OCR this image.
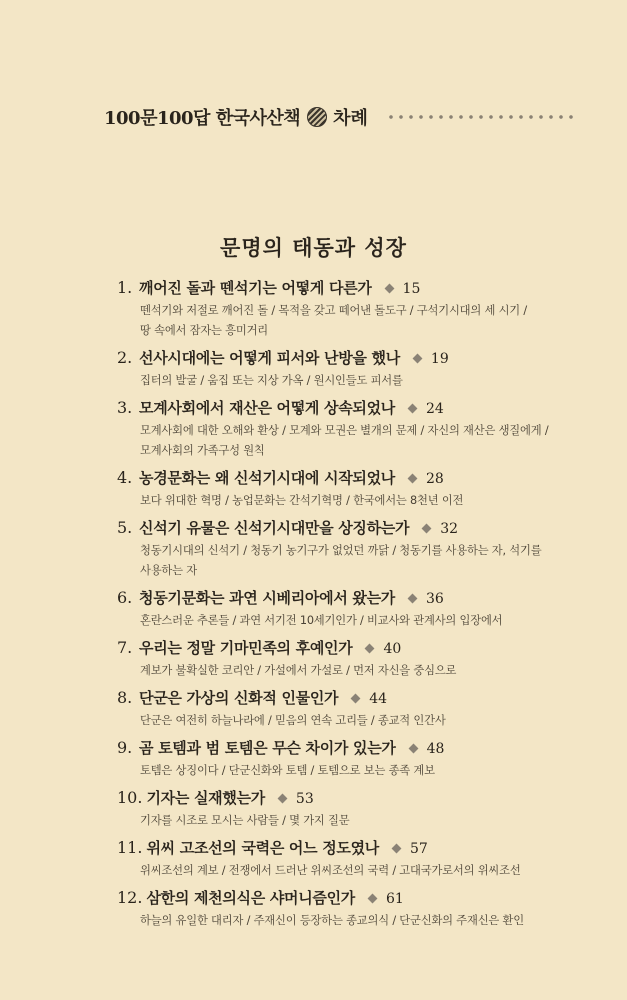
100문100답 한국사산책 차례
문명의 태동과 성장
1. 깨어진 돌과 뗀석기는 어떻게 다른가 15
뗀석기와 저절로 깨어진 돌 / 목적을 갖고 떼어낸 돌도구 / 구석기시대의 세 시기 /
땅 속에서 잠자는 흥미거리
2. 선사시대에는 어떻게 피서와 난방을 했나 19
집터의 발굴 / 움집 또는 지상 가옥 / 원시인들도 피서를
3. 모계사회에서 재산은 어떻게 상속되었나 24
모계사회에 대한 오해와 환상 / 모계와 모권은 별개의 문제 / 자신의 재산은 생질에게 /
모계사회의 가족구성 원칙
4. 농경문화는 왜 신석기시대에 시작되었나 28
보다 위대한 혁명 / 농업문화는 간석기혁명 / 한국에서는 8천년 이전
5. 신석기 유물은 신석기시대만을 상징하는가 32
청동기시대의 신석기 / 청동기 농기구가 없었던 까닭 / 청동기를 사용하는 자, 석기를
사용하는 자
6. 청동기문화는 과연 시베리아에서 왔는가 36
혼란스러운 추론들 / 과연 서기전 10세기인가 / 비교사와 관계사의 입장에서
7. 우리는 정말 기마민족의 후예인가 40
계보가 불확실한 코리안 / 가설에서 가설로 / 먼저 자신을 중심으로
8. 단군은 가상의 신화적 인물인가 44
단군은 여전히 하늘나라에 / 믿음의 연속 고리들 / 종교적 인간사
9. 곰 토템과 범 토템은 무슨 차이가 있는가 48
토템은 상징이다 / 단군신화와 토템 / 토템으로 보는 종족 계보
10. 기자는 실재했는가 53
기자를 시조로 모시는 사람들 / 몇 가지 질문
11. 위씨 고조선의 국력은 어느 정도였나 57
위씨조선의 계보 / 전쟁에서 드러난 위씨조선의 국력 / 고대국가로서의 위씨조선
12. 삼한의 제천의식은 샤머니즘인가 61
하늘의 유일한 대리자 / 주재신이 등장하는 종교의식 / 단군신화의 주재신은 환인
